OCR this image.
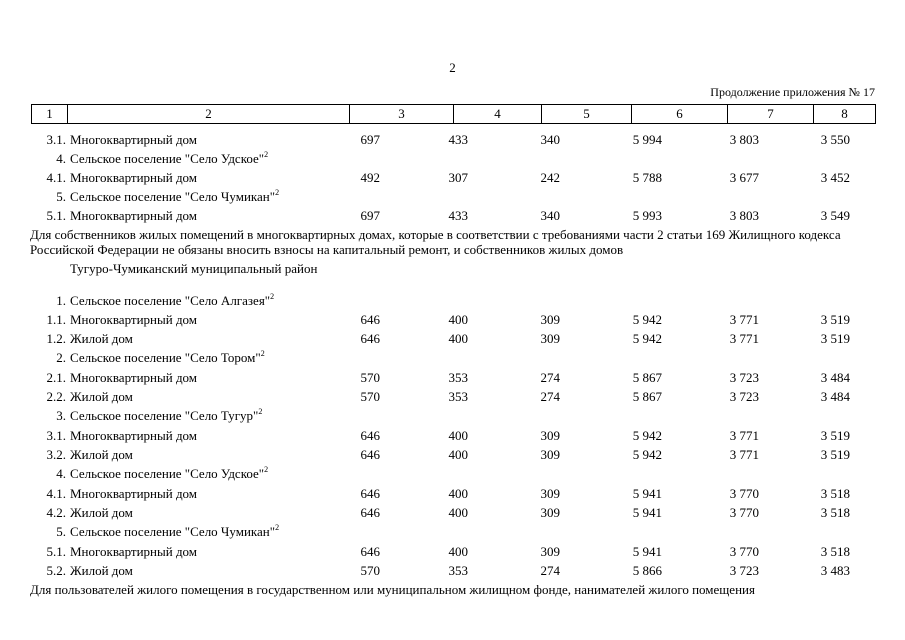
2
Продолжение приложения № 17
1	2	3	4	5	6	7	8
3.1. Многоквартирный дом	697	433	340	5 994	3 803	3 550
4. Сельское поселение "Село Удское"$^2$
4.1. Многоквартирный дом	492	307	242	5 788	3 677	3 452
5. Сельское поселение "Село Чумикан"$^2$
5.1. Многоквартирный дом	697	433	340	5 993	3 803	3 549
1. Сельское поселение "Село Алгазея"$^2$
1.1. Многоквартирный дом	646	400	309	5 942	3 771	3 519
1.2. Жилой дом	646	400	309	5 942	3 771	3 519
2. Сельское поселение "Село Тором"$^2$
2.1. Многоквартирный дом	570	353	274	5 867	3 723	3 484
2.2. Жилой дом	570	353	274	5 867	3 723	3 484
3. Сельское поселение "Село Тугур"$^2$
3.1. Многоквартирный дом	646	400	309	5 942	3 771	3 519
3.2. Жилой дом	646	400	309	5 942	3 771	3 519
4. Сельское поселение "Село Удское"$^2$
4.1. Многоквартирный дом	646	400	309	5 941	3 770	3 518
4.2. Жилой дом	646	400	309	5 941	3 770	3 518
5. Сельское поселение "Село Чумикан"$^2$
5.1. Многоквартирный дом	646	400	309	5 941	3 770	3 518
5.2. Жилой дом	570	353	274	5 866	3 723	3 483
Для собственников жилых помещений в многоквартирных домах, которые в соответствии с требованиями части 2 статьи 169 Жилищного кодекса Российской Федерации не обязаны вносить взносы на капитальный ремонт, и собственников жилых домов
Тугуро-Чумиканский муниципальный район
Для пользователей жилого помещения в государственном или муниципальном жилищном фонде, нанимателей жилого помещения
